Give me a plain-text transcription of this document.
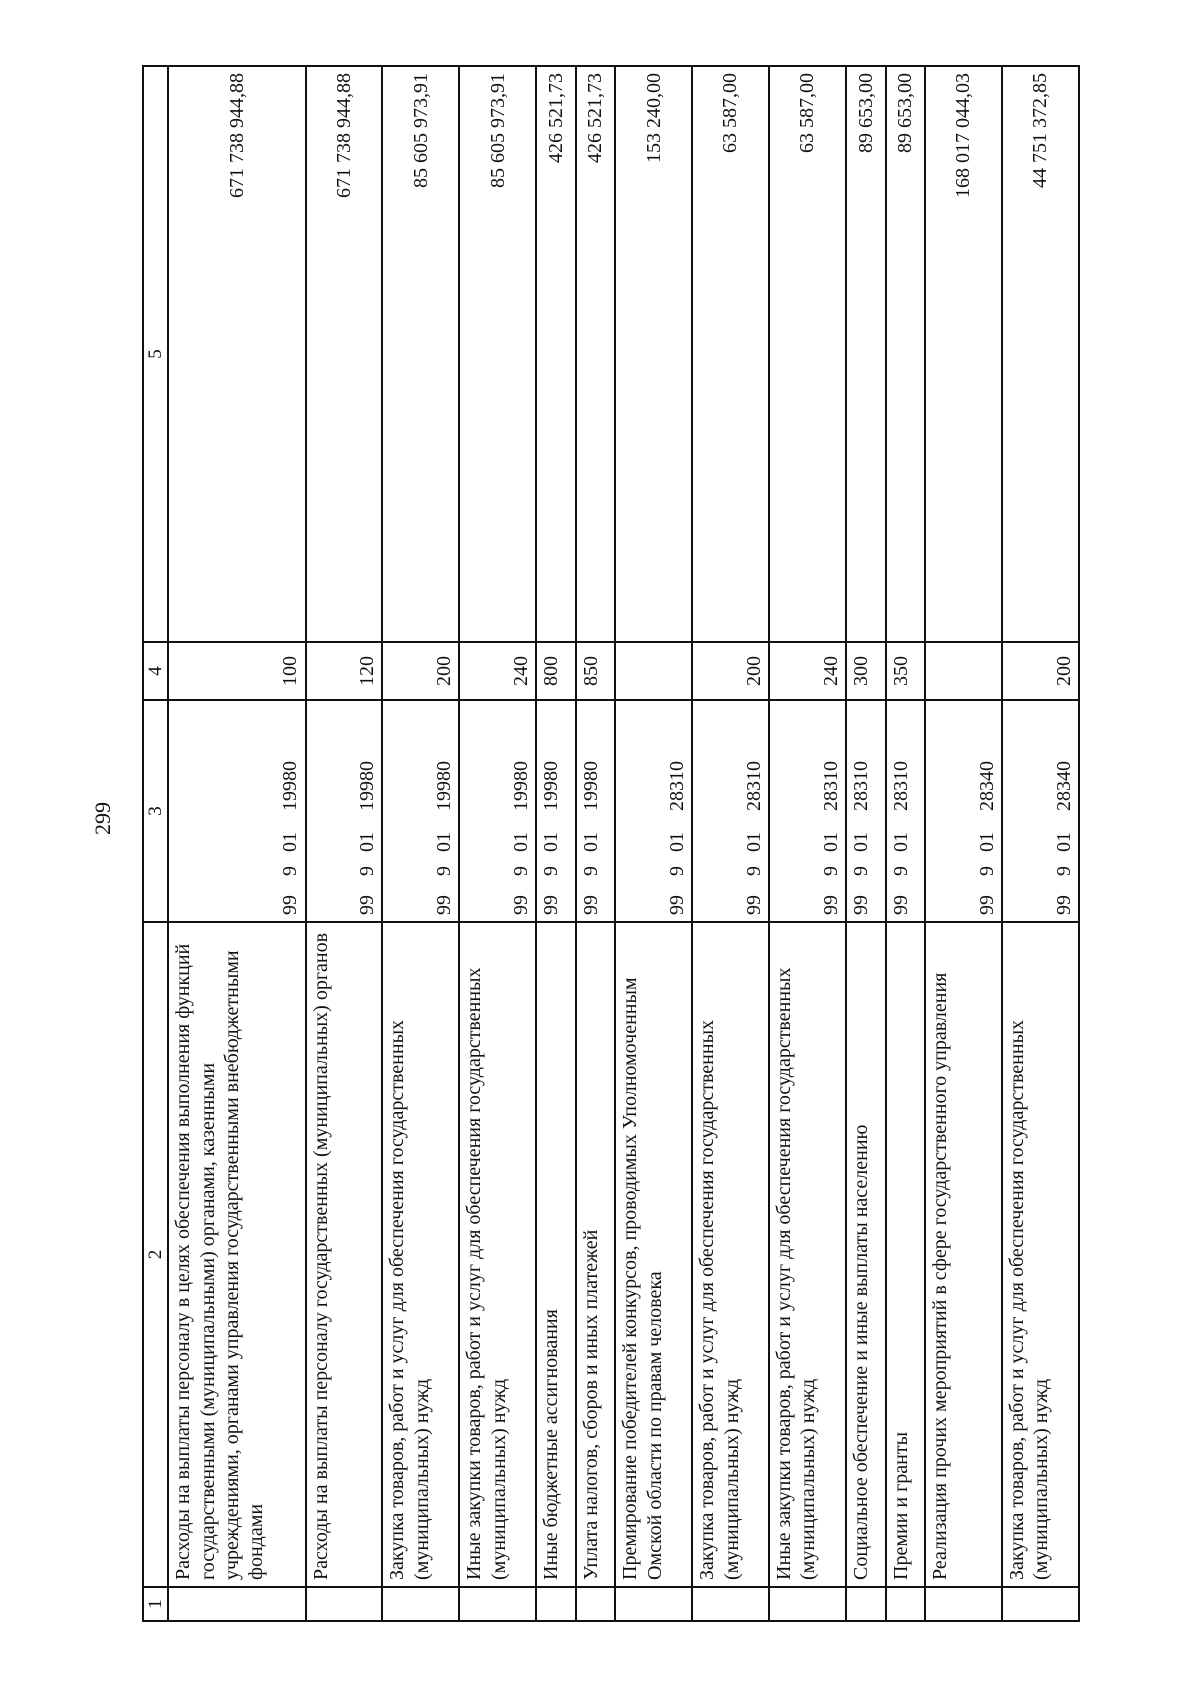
299
1	2	3	4	5
	Расходы на выплаты персоналу в целях обеспечения выполнения функций государственными (муниципальными) органами, казенными учреждениями, органами управления государственными внебюджетными фондами	9990119980	100	671 738 944,88
	Расходы на выплаты персоналу государственных (муниципальных) органов	9990119980	120	671 738 944,88
	Закупка товаров, работ и услуг для обеспечения государственных (муниципальных) нужд	9990119980	200	85 605 973,91
	Иные закупки товаров, работ и услуг для обеспечения государственных (муниципальных) нужд	9990119980	240	85 605 973,91
	Иные бюджетные ассигнования	9990119980	800	426 521,73
	Уплата налогов, сборов и иных платежей	9990119980	850	426 521,73
	Премирование победителей конкурсов, проводимых Уполномоченным Омской области по правам человека	9990128310		153 240,00
	Закупка товаров, работ и услуг для обеспечения государственных (муниципальных) нужд	9990128310	200	63 587,00
	Иные закупки товаров, работ и услуг для обеспечения государственных (муниципальных) нужд	9990128310	240	63 587,00
	Социальное обеспечение и иные выплаты населению	9990128310	300	89 653,00
	Премии и гранты	9990128310	350	89 653,00
	Реализация прочих мероприятий в сфере государственного управления	9990128340		168 017 044,03
	Закупка товаров, работ и услуг для обеспечения государственных (муниципальных) нужд	9990128340	200	44 751 372,85
